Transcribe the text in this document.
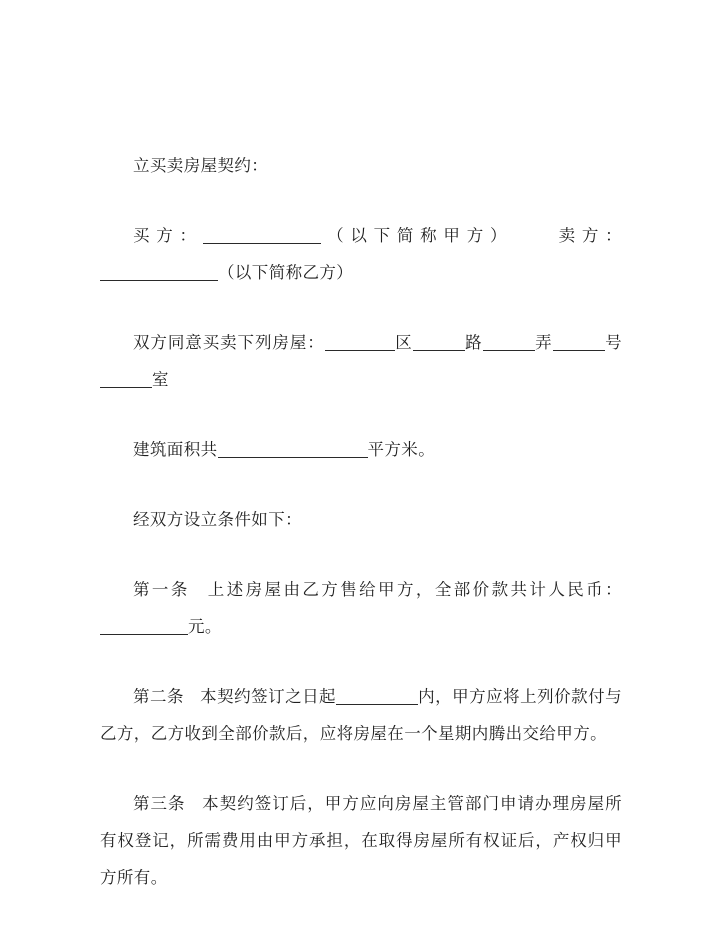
立买卖房屋契约：

买方：	（以下简称甲方）	卖方：（以下简称乙方）

双方同意买卖下列房屋：	区	路	弄	号室

建筑面积共	平方米。

经双方设立条件如下：

第一条 上述房屋由乙方售给甲方，全部价款共计人民币：元。

第二条 本契约签订之日起	内，甲方应将上列价款付与乙方，乙方收到全部价款后，应将房屋在一个星期内腾出交给甲方。

第三条 本契约签订后，甲方应向房屋主管部门申请办理房屋所有权登记，所需费用由甲方承担，在取得房屋所有权证后，产权归甲方所有。
